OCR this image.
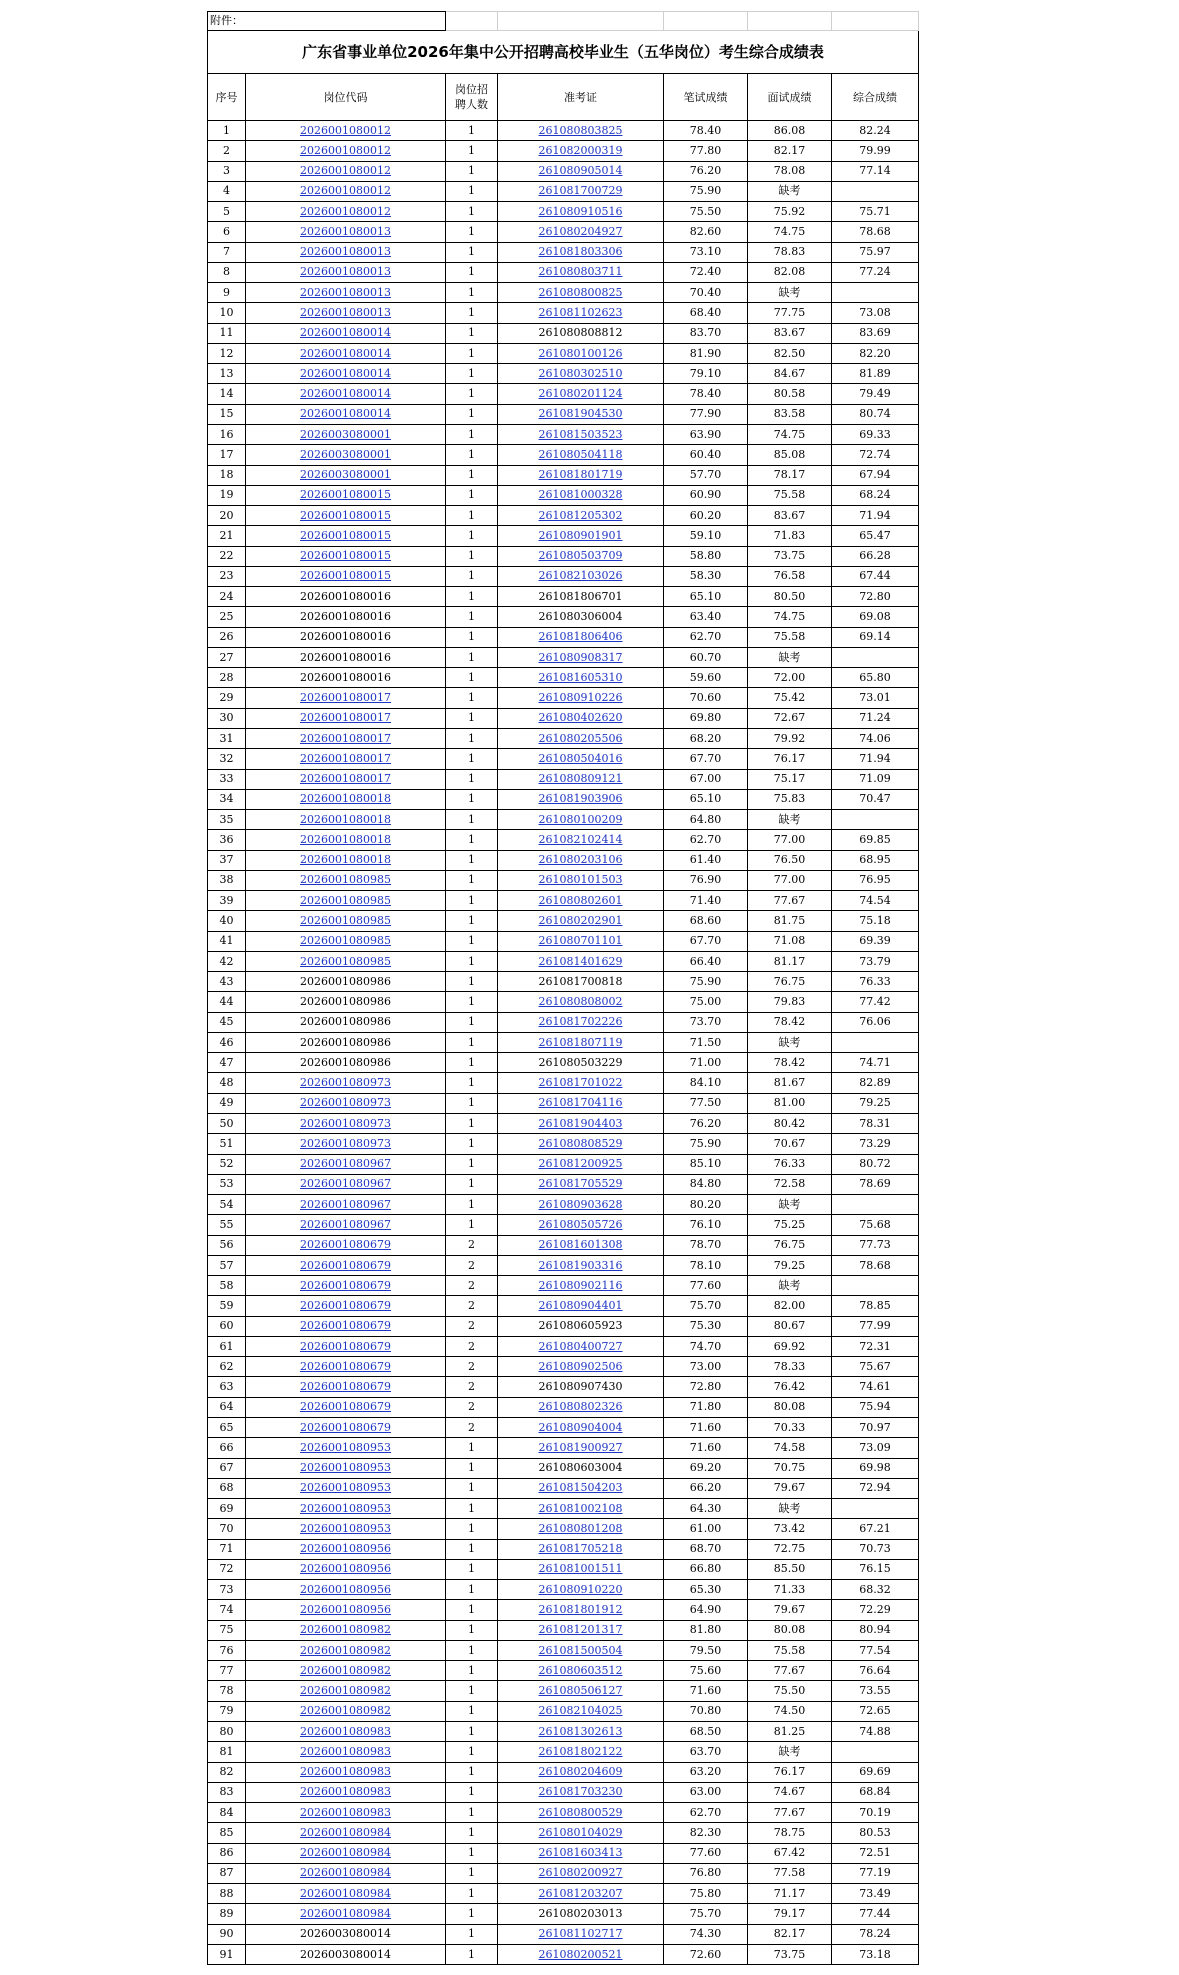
附件：						
广东省事业单位2026年集中公开招聘高校毕业生（五华岗位）考生综合成绩表						
序号	岗位代码	岗位招聘人数	准考证	笔试成绩	面试成绩	综合成绩
1	2026001080012	1	261080803825	78.40	86.08	82.24
2	2026001080012	1	261082000319	77.80	82.17	79.99
3	2026001080012	1	261080905014	76.20	78.08	77.14
4	2026001080012	1	261081700729	75.90	缺考	
5	2026001080012	1	261080910516	75.50	75.92	75.71
6	2026001080013	1	261080204927	82.60	74.75	78.68
7	2026001080013	1	261081803306	73.10	78.83	75.97
8	2026001080013	1	261080803711	72.40	82.08	77.24
9	2026001080013	1	261080800825	70.40	缺考	
10	2026001080013	1	261081102623	68.40	77.75	73.08
11	2026001080014	1	261080808812	83.70	83.67	83.69
12	2026001080014	1	261080100126	81.90	82.50	82.20
13	2026001080014	1	261080302510	79.10	84.67	81.89
14	2026001080014	1	261080201124	78.40	80.58	79.49
15	2026001080014	1	261081904530	77.90	83.58	80.74
16	2026003080001	1	261081503523	63.90	74.75	69.33
17	2026003080001	1	261080504118	60.40	85.08	72.74
18	2026003080001	1	261081801719	57.70	78.17	67.94
19	2026001080015	1	261081000328	60.90	75.58	68.24
20	2026001080015	1	261081205302	60.20	83.67	71.94
21	2026001080015	1	261080901901	59.10	71.83	65.47
22	2026001080015	1	261080503709	58.80	73.75	66.28
23	2026001080015	1	261082103026	58.30	76.58	67.44
24	2026001080016	1	261081806701	65.10	80.50	72.80
25	2026001080016	1	261080306004	63.40	74.75	69.08
26	2026001080016	1	261081806406	62.70	75.58	69.14
27	2026001080016	1	261080908317	60.70	缺考	
28	2026001080016	1	261081605310	59.60	72.00	65.80
29	2026001080017	1	261080910226	70.60	75.42	73.01
30	2026001080017	1	261080402620	69.80	72.67	71.24
31	2026001080017	1	261080205506	68.20	79.92	74.06
32	2026001080017	1	261080504016	67.70	76.17	71.94
33	2026001080017	1	261080809121	67.00	75.17	71.09
34	2026001080018	1	261081903906	65.10	75.83	70.47
35	2026001080018	1	261080100209	64.80	缺考	
36	2026001080018	1	261082102414	62.70	77.00	69.85
37	2026001080018	1	261080203106	61.40	76.50	68.95
38	2026001080985	1	261080101503	76.90	77.00	76.95
39	2026001080985	1	261080802601	71.40	77.67	74.54
40	2026001080985	1	261080202901	68.60	81.75	75.18
41	2026001080985	1	261080701101	67.70	71.08	69.39
42	2026001080985	1	261081401629	66.40	81.17	73.79
43	2026001080986	1	261081700818	75.90	76.75	76.33
44	2026001080986	1	261080808002	75.00	79.83	77.42
45	2026001080986	1	261081702226	73.70	78.42	76.06
46	2026001080986	1	261081807119	71.50	缺考	
47	2026001080986	1	261080503229	71.00	78.42	74.71
48	2026001080973	1	261081701022	84.10	81.67	82.89
49	2026001080973	1	261081704116	77.50	81.00	79.25
50	2026001080973	1	261081904403	76.20	80.42	78.31
51	2026001080973	1	261080808529	75.90	70.67	73.29
52	2026001080967	1	261081200925	85.10	76.33	80.72
53	2026001080967	1	261081705529	84.80	72.58	78.69
54	2026001080967	1	261080903628	80.20	缺考	
55	2026001080967	1	261080505726	76.10	75.25	75.68
56	2026001080679	2	261081601308	78.70	76.75	77.73
57	2026001080679	2	261081903316	78.10	79.25	78.68
58	2026001080679	2	261080902116	77.60	缺考	
59	2026001080679	2	261080904401	75.70	82.00	78.85
60	2026001080679	2	261080605923	75.30	80.67	77.99
61	2026001080679	2	261080400727	74.70	69.92	72.31
62	2026001080679	2	261080902506	73.00	78.33	75.67
63	2026001080679	2	261080907430	72.80	76.42	74.61
64	2026001080679	2	261080802326	71.80	80.08	75.94
65	2026001080679	2	261080904004	71.60	70.33	70.97
66	2026001080953	1	261081900927	71.60	74.58	73.09
67	2026001080953	1	261080603004	69.20	70.75	69.98
68	2026001080953	1	261081504203	66.20	79.67	72.94
69	2026001080953	1	261081002108	64.30	缺考	
70	2026001080953	1	261080801208	61.00	73.42	67.21
71	2026001080956	1	261081705218	68.70	72.75	70.73
72	2026001080956	1	261081001511	66.80	85.50	76.15
73	2026001080956	1	261080910220	65.30	71.33	68.32
74	2026001080956	1	261081801912	64.90	79.67	72.29
75	2026001080982	1	261081201317	81.80	80.08	80.94
76	2026001080982	1	261081500504	79.50	75.58	77.54
77	2026001080982	1	261080603512	75.60	77.67	76.64
78	2026001080982	1	261080506127	71.60	75.50	73.55
79	2026001080982	1	261082104025	70.80	74.50	72.65
80	2026001080983	1	261081302613	68.50	81.25	74.88
81	2026001080983	1	261081802122	63.70	缺考	
82	2026001080983	1	261080204609	63.20	76.17	69.69
83	2026001080983	1	261081703230	63.00	74.67	68.84
84	2026001080983	1	261080800529	62.70	77.67	70.19
85	2026001080984	1	261080104029	82.30	78.75	80.53
86	2026001080984	1	261081603413	77.60	67.42	72.51
87	2026001080984	1	261080200927	76.80	77.58	77.19
88	2026001080984	1	261081203207	75.80	71.17	73.49
89	2026001080984	1	261080203013	75.70	79.17	77.44
90	2026003080014	1	261081102717	74.30	82.17	78.24
91	2026003080014	1	261080200521	72.60	73.75	73.18
